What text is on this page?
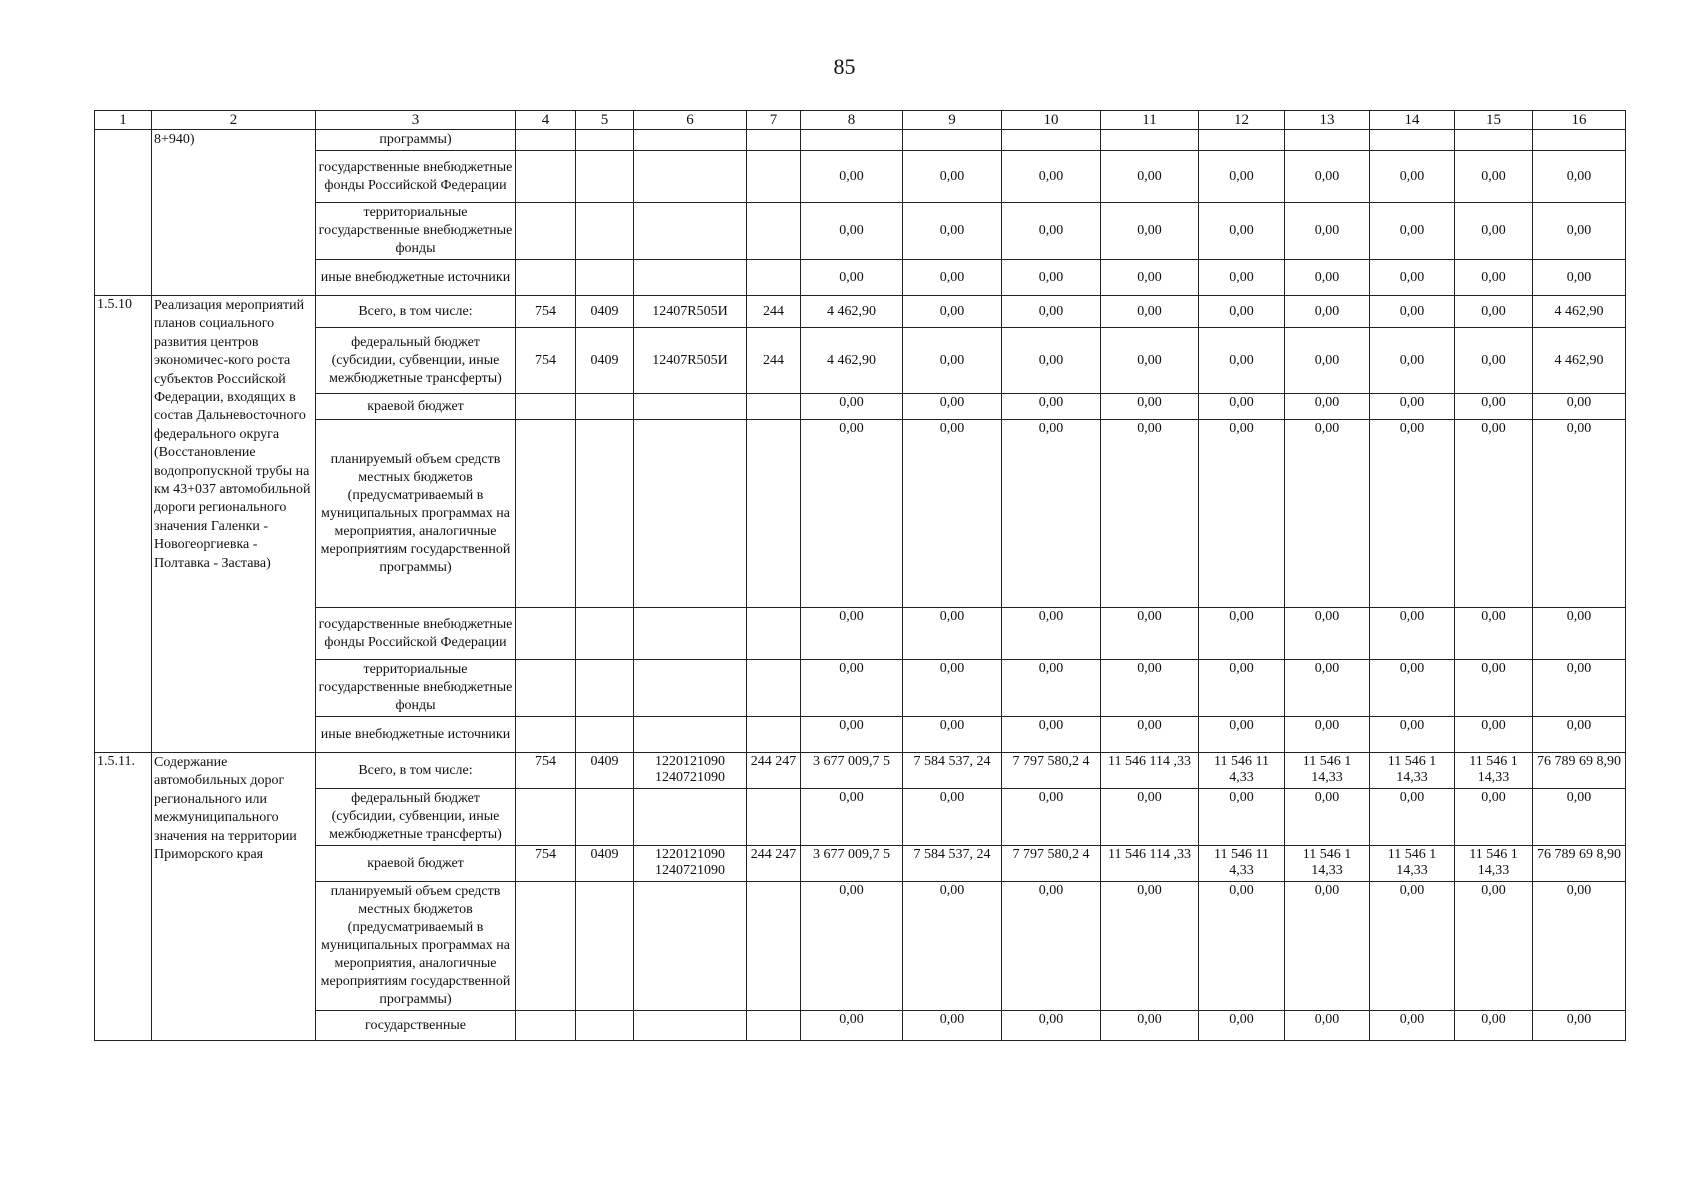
85
1	2	3	4	5	6	7	8	9	10	11	12	13	14	15	16
	8+940)	программы)													
		государственные внебюджетные фонды Российской Федерации					0,00	0,00	0,00	0,00	0,00	0,00	0,00	0,00	0,00
		территориальные государственные внебюджетные фонды					0,00	0,00	0,00	0,00	0,00	0,00	0,00	0,00	0,00
		иные внебюджетные источники					0,00	0,00	0,00	0,00	0,00	0,00	0,00	0,00	0,00
1.5.10	Реализация мероприятий планов социального развития центров экономичес-кого роста субъектов Российской Федерации, входящих в состав Дальневосточного федерального округа (Восстановление водопропускной трубы на км 43+037 автомобильной дороги регионального значения Галенки - Новогеоргиевка - Полтавка - Застава)	Всего, в том числе:	754	0409	12407R505И	244	4 462,90	0,00	0,00	0,00	0,00	0,00	0,00	0,00	4 462,90
		федеральный бюджет (субсидии, субвенции, иные межбюджетные трансферты)	754	0409	12407R505И	244	4 462,90	0,00	0,00	0,00	0,00	0,00	0,00	0,00	4 462,90
		краевой бюджет					0,00	0,00	0,00	0,00	0,00	0,00	0,00	0,00	0,00
		планируемый объем средств местных бюджетов (предусматриваемый в муниципальных программах на мероприятия, аналогичные мероприятиям государственной программы)					0,00	0,00	0,00	0,00	0,00	0,00	0,00	0,00	0,00
		государственные внебюджетные фонды Российской Федерации					0,00	0,00	0,00	0,00	0,00	0,00	0,00	0,00	0,00
		территориальные государственные внебюджетные фонды					0,00	0,00	0,00	0,00	0,00	0,00	0,00	0,00	0,00
		иные внебюджетные источники					0,00	0,00	0,00	0,00	0,00	0,00	0,00	0,00	0,00
1.5.11.	Содержание автомобильных дорог регионального или межмуниципального значения на территории Приморского края	Всего, в том числе:	754	0409	1220121090 1240721090	244 247	3 677 009,7 5	7 584 537, 24	7 797 580,2 4	11 546 114 ,33	11 546 11 4,33	11 546 1 14,33	11 546 1 14,33	11 546 1 14,33	76 789 69 8,90
		федеральный бюджет (субсидии, субвенции, иные межбюджетные трансферты)					0,00	0,00	0,00	0,00	0,00	0,00	0,00	0,00	0,00
		краевой бюджет	754	0409	1220121090 1240721090	244 247	3 677 009,7 5	7 584 537, 24	7 797 580,2 4	11 546 114 ,33	11 546 11 4,33	11 546 1 14,33	11 546 1 14,33	11 546 1 14,33	76 789 69 8,90
		планируемый объем средств местных бюджетов (предусматриваемый в муниципальных программах на мероприятия, аналогичные мероприятиям государственной программы)					0,00	0,00	0,00	0,00	0,00	0,00	0,00	0,00	0,00
		государственные					0,00	0,00	0,00	0,00	0,00	0,00	0,00	0,00	0,00
